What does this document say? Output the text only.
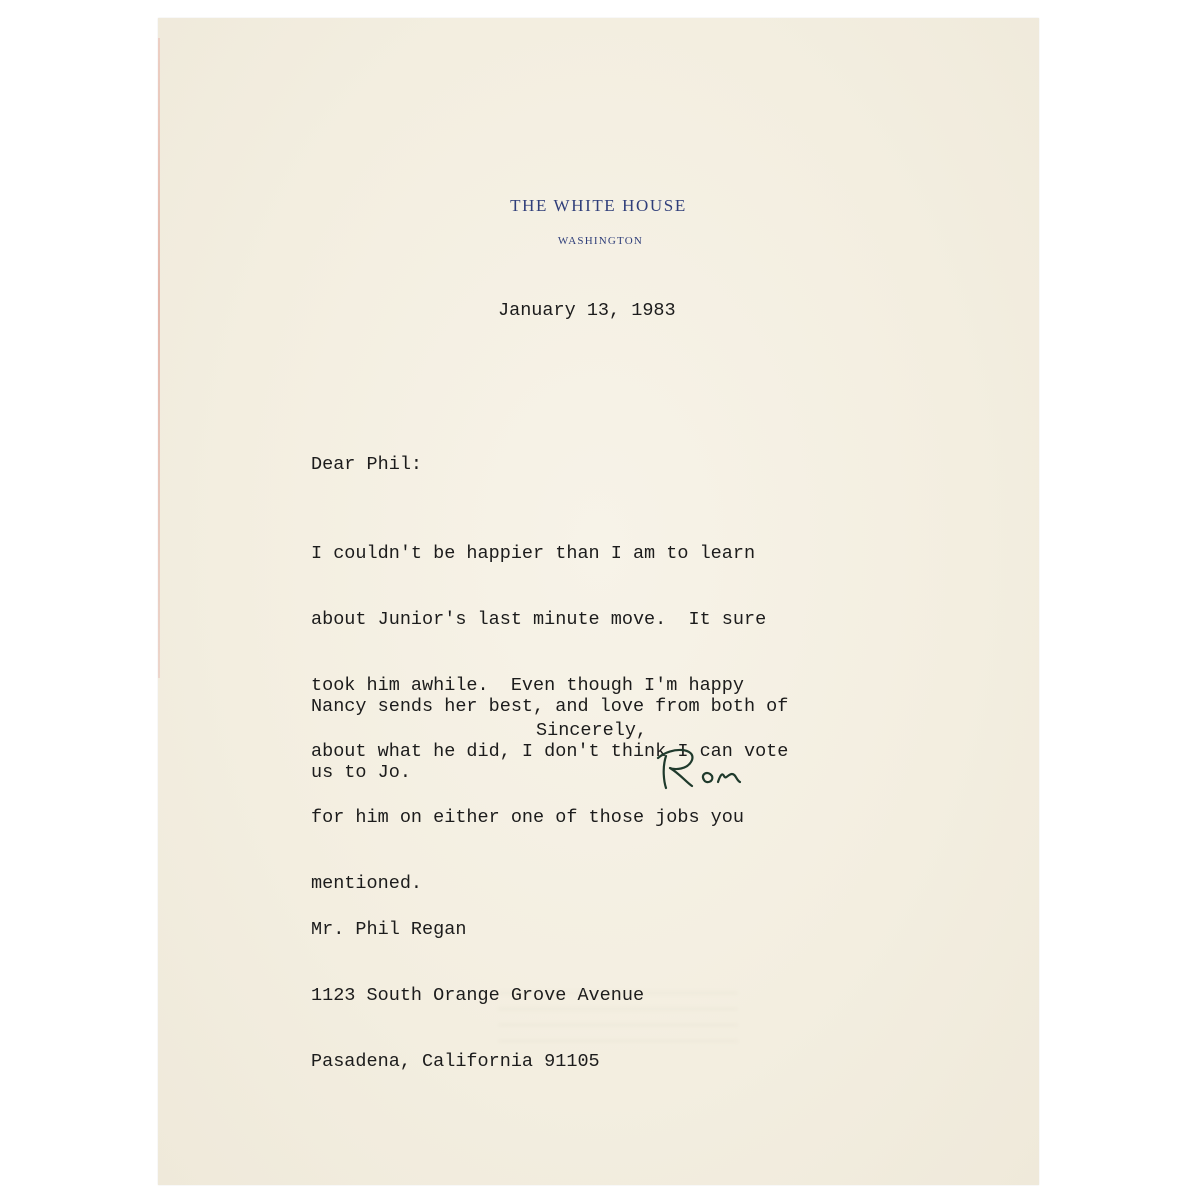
THE WHITE HOUSE
WASHINGTON
January 13, 1983
Dear Phil:

I couldn't be happier than I am to learn

about Junior's last minute move.  It sure

took him awhile.  Even though I'm happy

about what he did, I don't think I can vote

for him on either one of those jobs you

mentioned.

Nancy sends her best, and love from both of

us to Jo.

Sincerely,

Mr. Phil Regan

1123 South Orange Grove Avenue

Pasadena, California 91105
